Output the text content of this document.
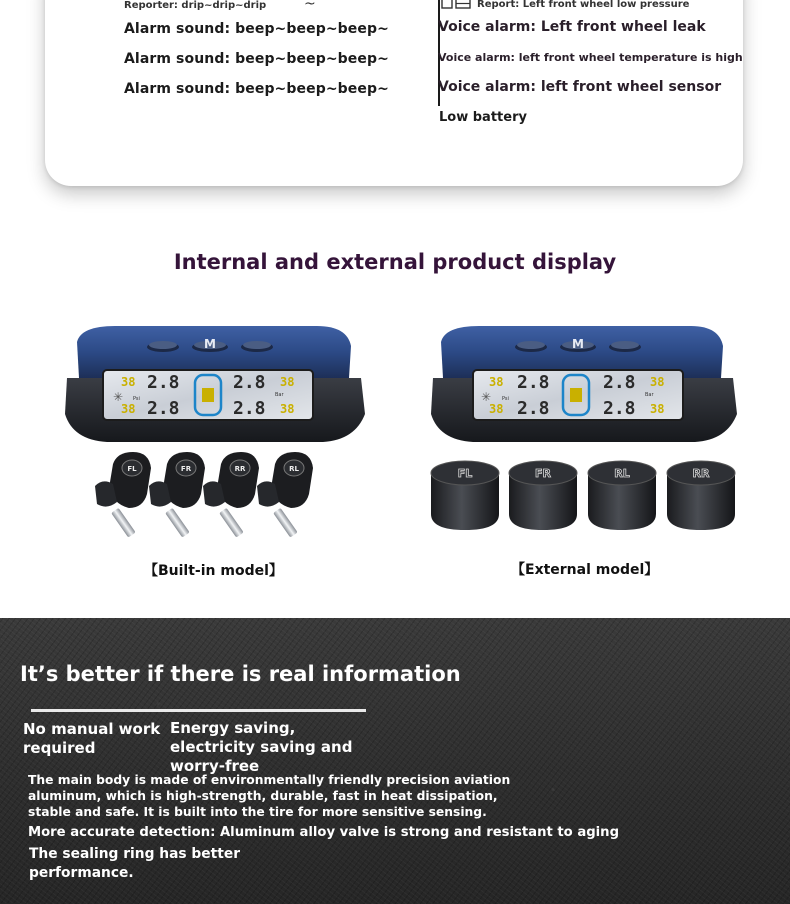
Reporter: drip~drip~drip	~
Alarm sound: beep~beep~beep~
Alarm sound: beep~beep~beep~
Alarm sound: beep~beep~beep~
Report: Left front wheel low pressure
Voice alarm: Left front wheel leak
Voice alarm: left front wheel temperature is high
Voice alarm: left front wheel sensor
Low battery
Internal and external product display
M
38
38
✳ Psi
2.8
2.8
2.8
2.8
Bar
38
38
FL	FR	RR	RL
【Built-in model】
M
38
38
✳ Psi
2.8
2.8
2.8
2.8
Bar
38
38
FL	FR	RL	RR
【External model】
It’s better if there is real information
No manual work required
Energy saving, electricity saving and worry-free
The main body is made of environmentally friendly precision aviation
aluminum, which is high-strength, durable, fast in heat dissipation,
stable and safe. It is built into the tire for more sensitive sensing.
More accurate detection: Aluminum alloy valve is strong and resistant to aging
The sealing ring has better performance.
